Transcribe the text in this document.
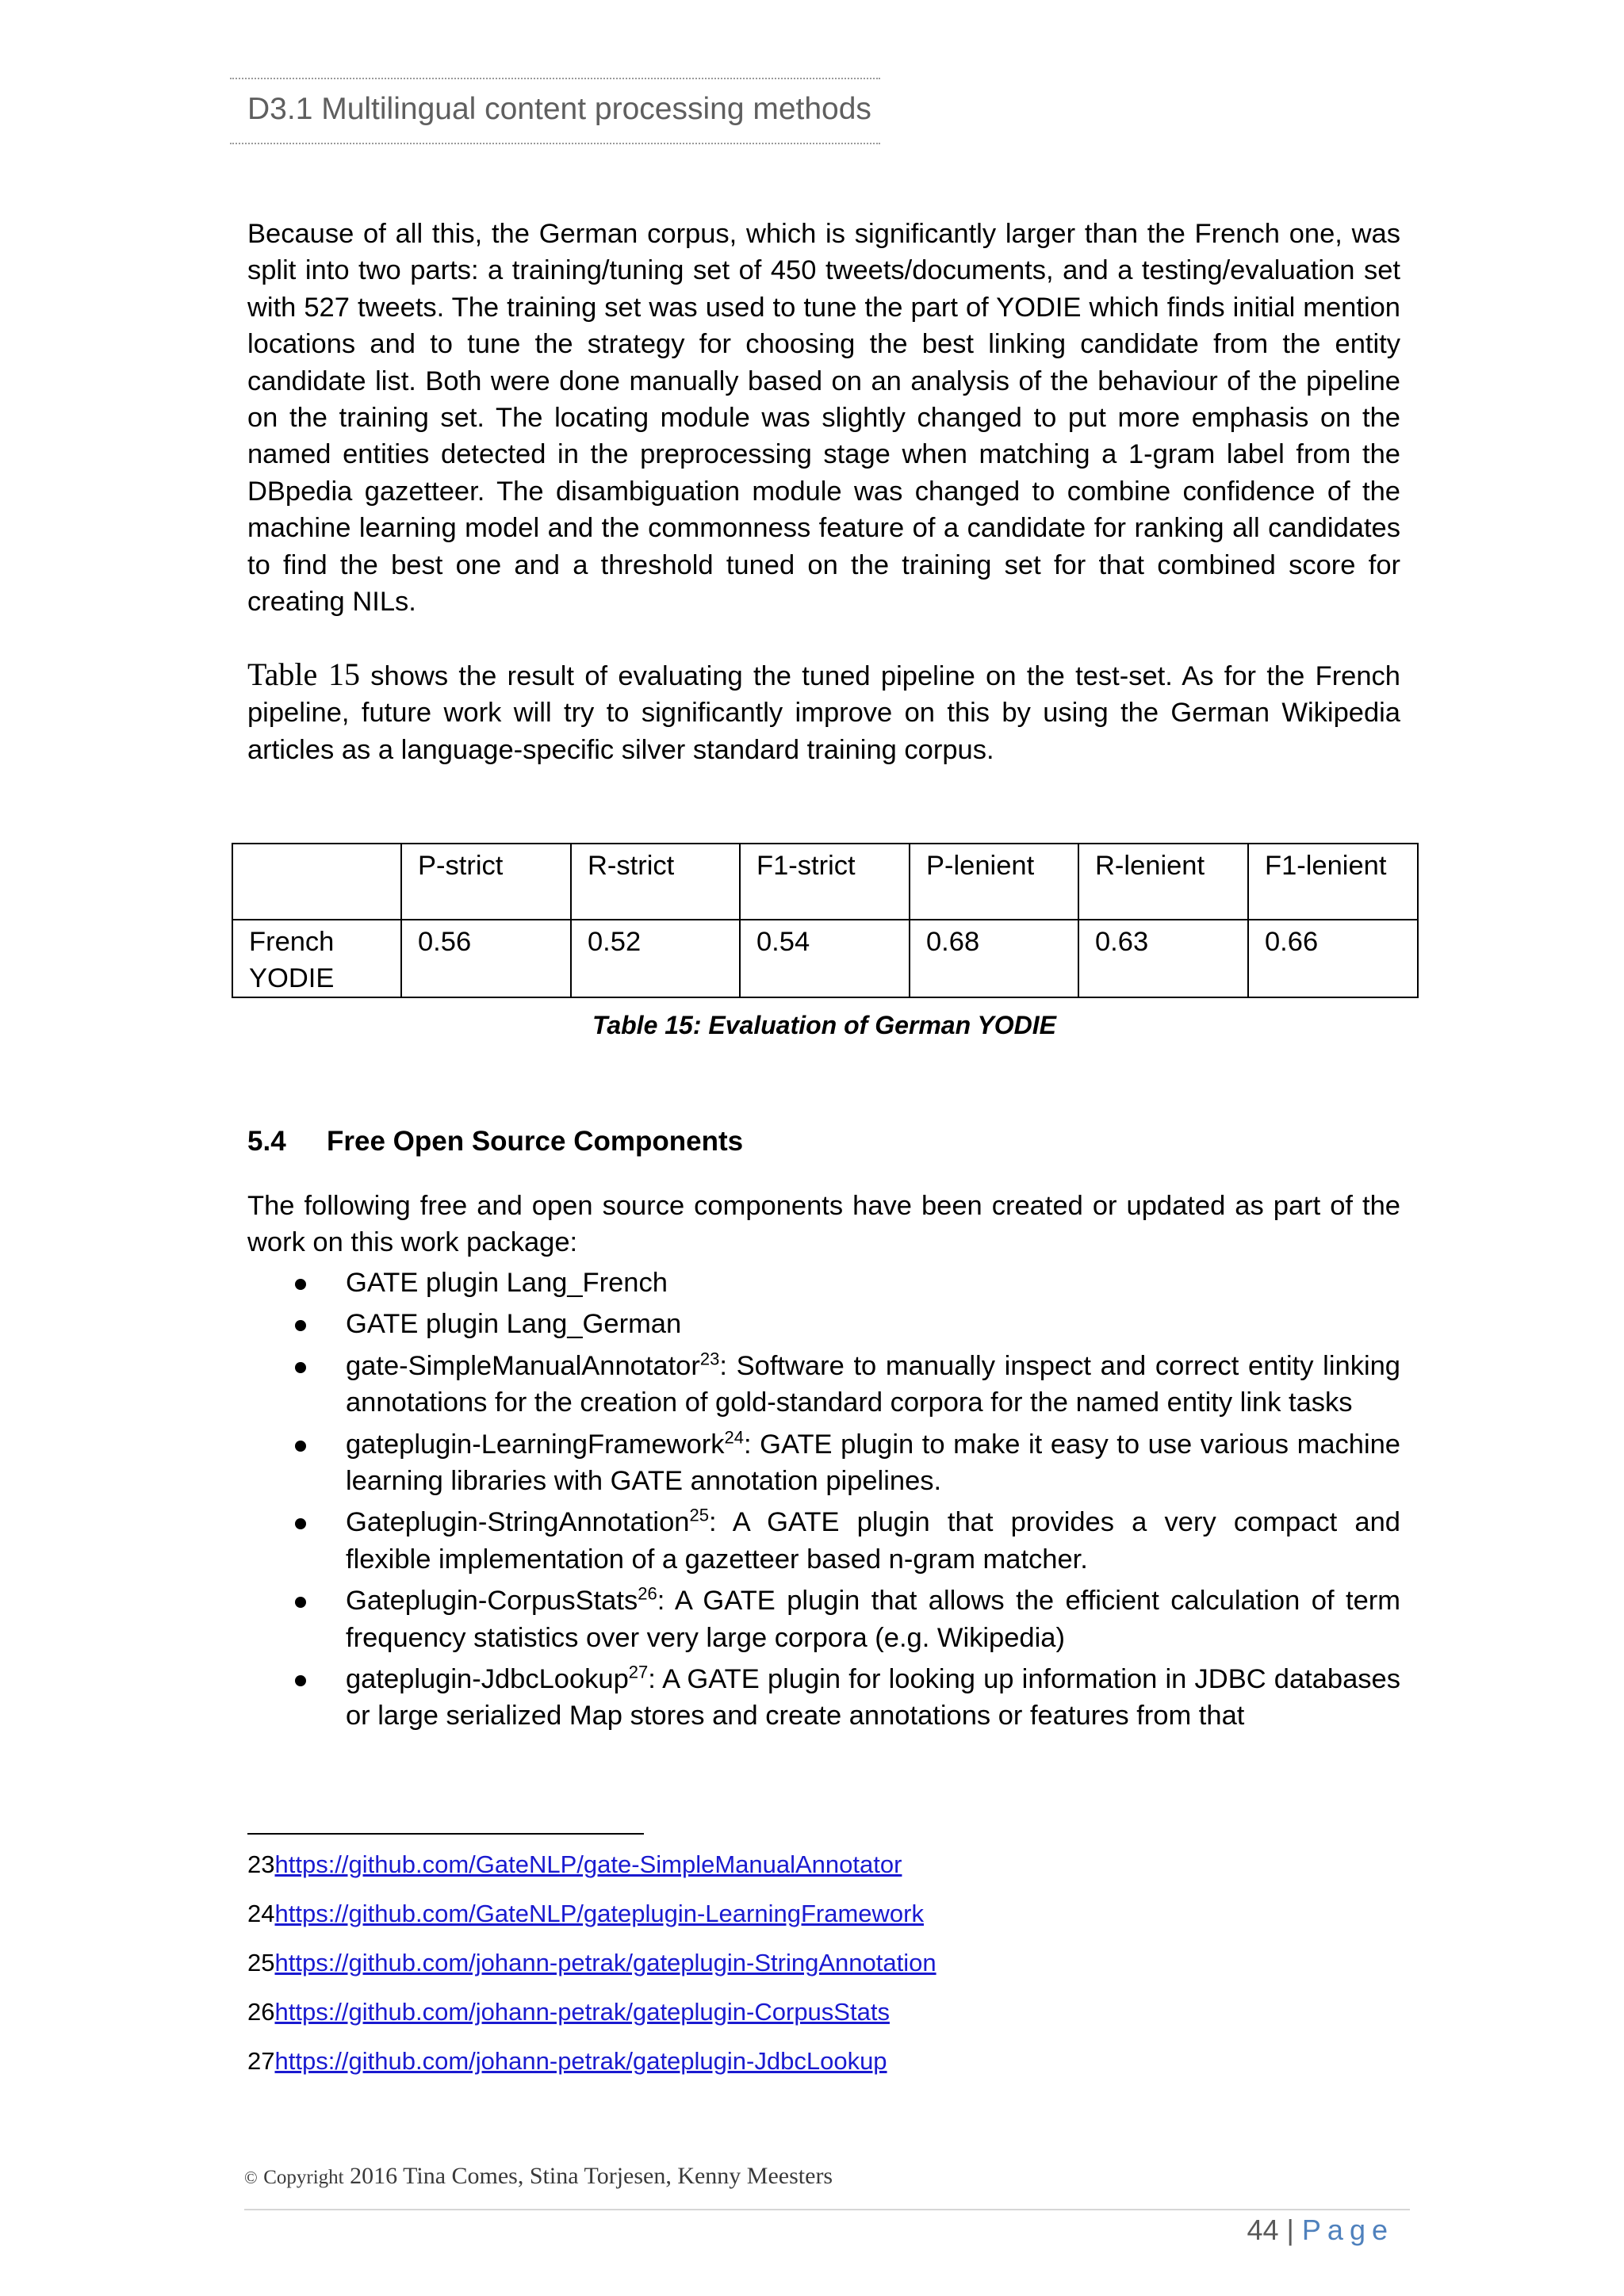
D3.1 Multilingual content processing methods
Because of all this, the German corpus, which is significantly larger than the French one, was split into two parts: a training/tuning set of 450 tweets/documents, and a testing/evaluation set with 527 tweets. The training set was used to tune the part of YODIE which finds initial mention locations and to tune the strategy for choosing the best linking candidate from the entity candidate list. Both were done manually based on an analysis of the behaviour of the pipeline on the training set. The locating module was slightly changed to put more emphasis on the named entities detected in the preprocessing stage when matching a 1-gram label from the DBpedia gazetteer. The disambiguation module was changed to combine confidence of the machine learning model and the commonness feature of a candidate for ranking all candidates to find the best one and a threshold tuned on the training set for that combined score for creating NILs.
Table 15 shows the result of evaluating the tuned pipeline on the test-set. As for the French pipeline, future work will try to significantly improve on this by using the German Wikipedia articles as a language-specific silver standard training corpus.
	P-strict	R-strict	F1-strict	P-lenient	R-lenient	F1-lenient
French YODIE	0.56	0.52	0.54	0.68	0.63	0.66
Table 15: Evaluation of German YODIE
5.4 Free Open Source Components
The following free and open source components have been created or updated as part of the work on this work package:
GATE plugin Lang_French
GATE plugin Lang_German
gate-SimpleManualAnnotator$^{23}$: Software to manually inspect and correct entity linking annotations for the creation of gold-standard corpora for the named entity link tasks
gateplugin-LearningFramework$^{24}$: GATE plugin to make it easy to use various machine learning libraries with GATE annotation pipelines.
Gateplugin-StringAnnotation$^{25}$: A GATE plugin that provides a very compact and flexible implementation of a gazetteer based n-gram matcher.
Gateplugin-CorpusStats$^{26}$: A GATE plugin that allows the efficient calculation of term frequency statistics over very large corpora (e.g. Wikipedia)
gateplugin-JdbcLookup$^{27}$: A GATE plugin for looking up information in JDBC databases or large serialized Map stores and create annotations or features from that
23https://github.com/GateNLP/gate-SimpleManualAnnotator
24https://github.com/GateNLP/gateplugin-LearningFramework
25https://github.com/johann-petrak/gateplugin-StringAnnotation
26https://github.com/johann-petrak/gateplugin-CorpusStats
27https://github.com/johann-petrak/gateplugin-JdbcLookup
© Copyright 2016 Tina Comes, Stina Torjesen, Kenny Meesters
44 | Page
